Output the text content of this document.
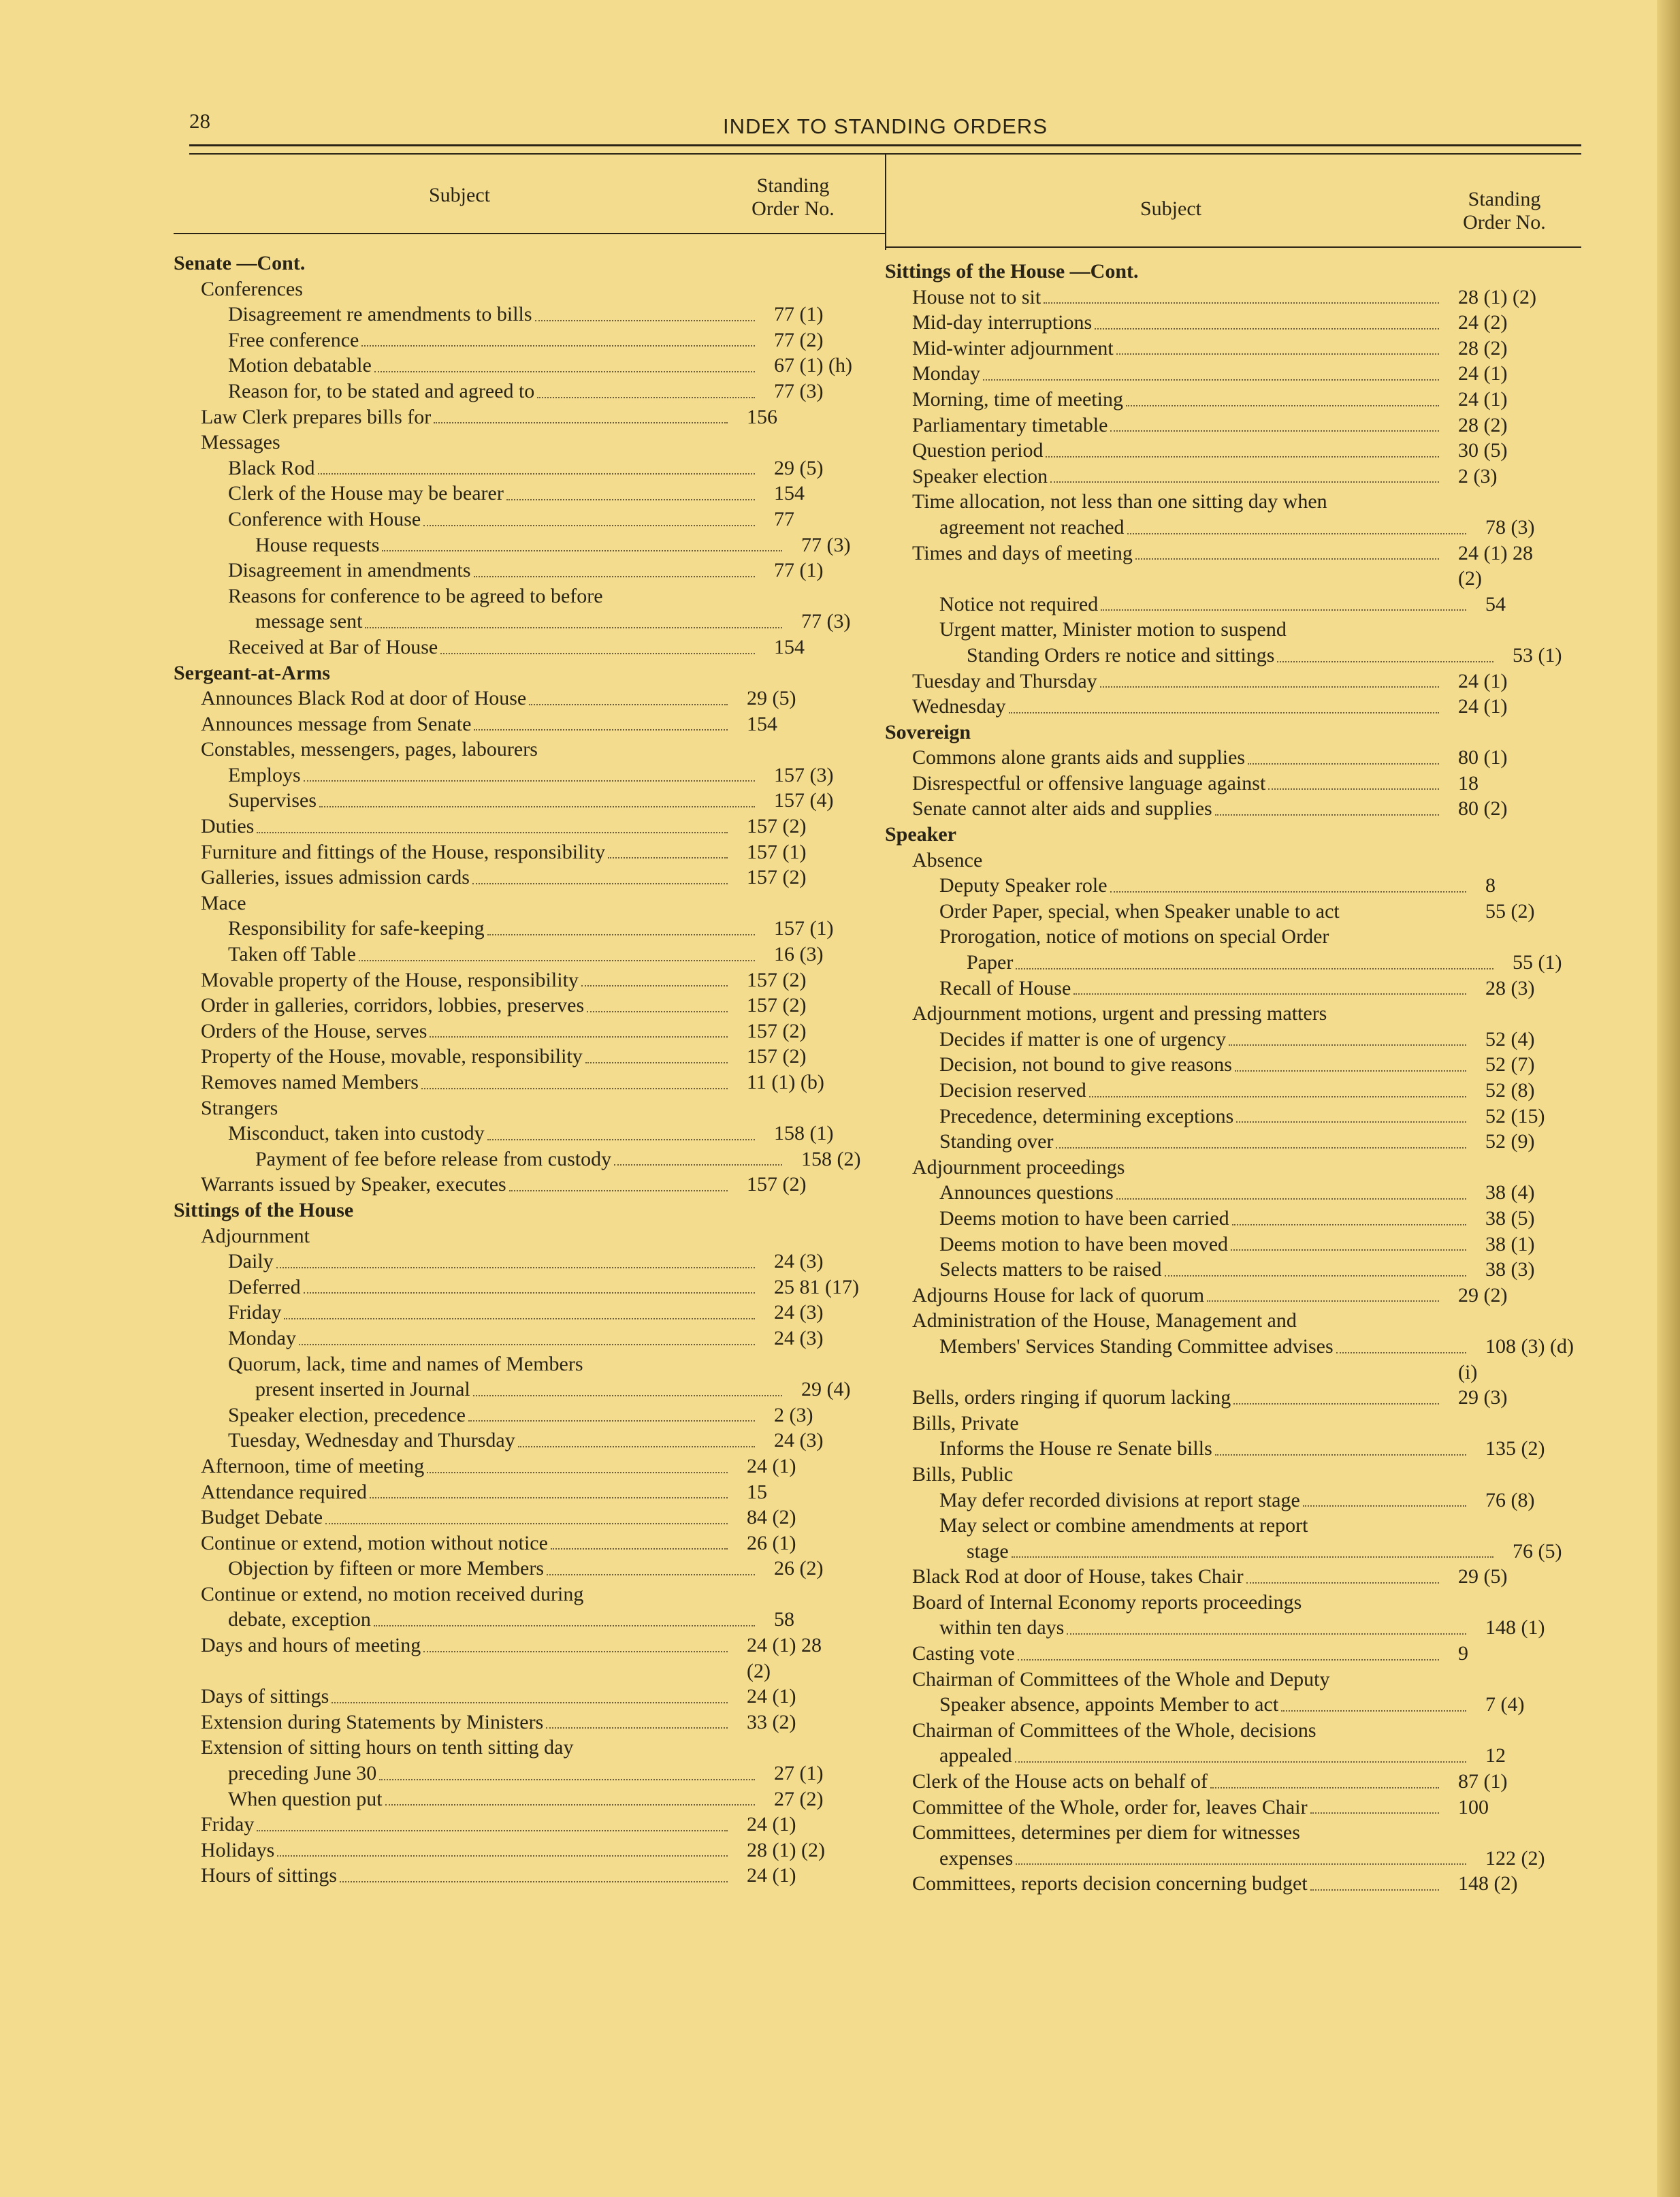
28	INDEX TO STANDING ORDERS
Subject	Standing
Order No.
Senate —Cont.
Conferences
Disagreement re amendments to bills	77 (1)
Free conference	77 (2)
Motion debatable	67 (1) (h)
Reason for, to be stated and agreed to	77 (3)
Law Clerk prepares bills for	156
Messages
Black Rod	29 (5)
Clerk of the House may be bearer	154
Conference with House	77
House requests	77 (3)
Disagreement in amendments	77 (1)
Reasons for conference to be agreed to before
message sent	77 (3)
Received at Bar of House	154
Sergeant-at-Arms
Announces Black Rod at door of House	29 (5)
Announces message from Senate	154
Constables, messengers, pages, labourers
Employs	157 (3)
Supervises	157 (4)
Duties	157 (2)
Furniture and fittings of the House, responsibility	157 (1)
Galleries, issues admission cards	157 (2)
Mace
Responsibility for safe-keeping	157 (1)
Taken off Table	16 (3)
Movable property of the House, responsibility	157 (2)
Order in galleries, corridors, lobbies, preserves	157 (2)
Orders of the House, serves	157 (2)
Property of the House, movable, responsibility	157 (2)
Removes named Members	11 (1) (b)
Strangers
Misconduct, taken into custody	158 (1)
Payment of fee before release from custody	158 (2)
Warrants issued by Speaker, executes	157 (2)
Sittings of the House
Adjournment
Daily	24 (3)
Deferred	25 81 (17)
Friday	24 (3)
Monday	24 (3)
Quorum, lack, time and names of Members
present inserted in Journal	29 (4)
Speaker election, precedence	2 (3)
Tuesday, Wednesday and Thursday	24 (3)
Afternoon, time of meeting	24 (1)
Attendance required	15
Budget Debate	84 (2)
Continue or extend, motion without notice	26 (1)
Objection by fifteen or more Members	26 (2)
Continue or extend, no motion received during
debate, exception	58
Days and hours of meeting	24 (1) 28
(2)
Days of sittings	24 (1)
Extension during Statements by Ministers	33 (2)
Extension of sitting hours on tenth sitting day
preceding June 30	27 (1)
When question put	27 (2)
Friday	24 (1)
Holidays	28 (1) (2)
Hours of sittings	24 (1)
Subject	Standing
Order No.
Sittings of the House —Cont.
House not to sit	28 (1) (2)
Mid-day interruptions	24 (2)
Mid-winter adjournment	28 (2)
Monday	24 (1)
Morning, time of meeting	24 (1)
Parliamentary timetable	28 (2)
Question period	30 (5)
Speaker election	2 (3)
Time allocation, not less than one sitting day when
agreement not reached	78 (3)
Times and days of meeting	24 (1) 28
(2)
Notice not required	54
Urgent matter, Minister motion to suspend
Standing Orders re notice and sittings	53 (1)
Tuesday and Thursday	24 (1)
Wednesday	24 (1)
Sovereign
Commons alone grants aids and supplies	80 (1)
Disrespectful or offensive language against	18
Senate cannot alter aids and supplies	80 (2)
Speaker
Absence
Deputy Speaker role	8
Order Paper, special, when Speaker unable to act	55 (2)
Prorogation, notice of motions on special Order
Paper	55 (1)
Recall of House	28 (3)
Adjournment motions, urgent and pressing matters
Decides if matter is one of urgency	52 (4)
Decision, not bound to give reasons	52 (7)
Decision reserved	52 (8)
Precedence, determining exceptions	52 (15)
Standing over	52 (9)
Adjournment proceedings
Announces questions	38 (4)
Deems motion to have been carried	38 (5)
Deems motion to have been moved	38 (1)
Selects matters to be raised	38 (3)
Adjourns House for lack of quorum	29 (2)
Administration of the House, Management and
Members' Services Standing Committee advises	108 (3) (d)
(i)
Bells, orders ringing if quorum lacking	29 (3)
Bills, Private
Informs the House re Senate bills	135 (2)
Bills, Public
May defer recorded divisions at report stage	76 (8)
May select or combine amendments at report
stage	76 (5)
Black Rod at door of House, takes Chair	29 (5)
Board of Internal Economy reports proceedings
within ten days	148 (1)
Casting vote	9
Chairman of Committees of the Whole and Deputy
Speaker absence, appoints Member to act	7 (4)
Chairman of Committees of the Whole, decisions
appealed	12
Clerk of the House acts on behalf of	87 (1)
Committee of the Whole, order for, leaves Chair	100
Committees, determines per diem for witnesses
expenses	122 (2)
Committees, reports decision concerning budget	148 (2)
